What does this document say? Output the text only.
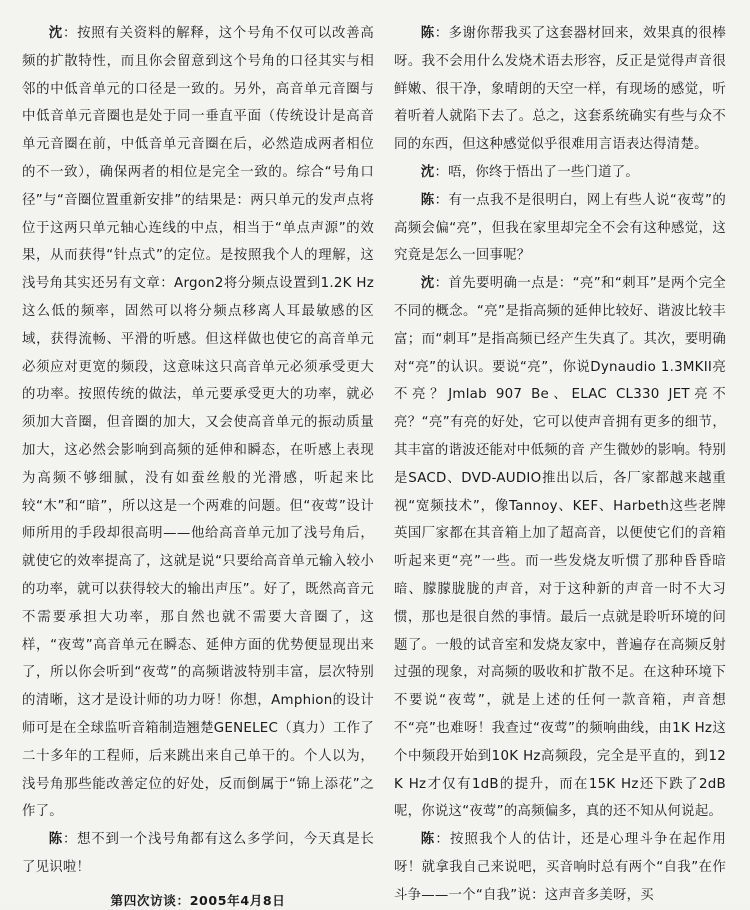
沈：按照有关资料的解释，这个号角不仅可以改善高频的扩散特性，而且你会留意到这个号角的口径其实与相邻的中低音单元的口径是一致的。另外，高音单元音圈与中低音单元音圈也是处于同一垂直平面（传统设计是高音单元音圈在前，中低音单元音圈在后，必然造成两者相位的不一致），确保两者的相位是完全一致的。综合“号角口径”与“音圈位置重新安排”的结果是：两只单元的发声点将位于这两只单元轴心连线的中点，相当于“单点声源”的效果，从而获得“针点式”的定位。是按照我个人的理解，这浅号角其实还另有文章：Argon2将分频点设置到1.2K Hz这么低的频率，固然可以将分频点移离人耳最敏感的区域，获得流畅、平滑的听感。但这样做也使它的高音单元必须应对更宽的频段，这意味这只高音单元必须承受更大的功率。按照传统的做法，单元要承受更大的功率，就必须加大音圈，但音圈的加大，又会使高音单元的振动质量加大，这必然会影响到高频的延伸和瞬态，在听感上表现为高频不够细腻，没有如蚕丝般的光滑感，听起来比较“木”和“暗”，所以这是一个两难的问题。但“夜莺”设计师所用的手段却很高明——他给高音单元加了浅号角后，就使它的效率提高了，这就是说“只要给高音单元输入较小的功率，就可以获得较大的输出声压”。好了，既然高音元不需要承担大功率，那自然也就不需要大音圈了，这样，“夜莺”高音单元在瞬态、延伸方面的优势便显现出来了，所以你会听到“夜莺”的高频谐波特别丰富，层次特别的清晰，这才是设计师的功力呀！你想，Amphion的设计师可是在全球监听音箱制造翘楚GENELEC（真力）工作了二十多年的工程师，后来跳出来自己单干的。个人以为，浅号角那些能改善定位的好处，反而倒属于“锦上添花”之作了。

陈：想不到一个浅号角都有这么多学问，今天真是长了见识啦！

第四次访谈：2005年4月8日

陈：多谢你帮我买了这套器材回来，效果真的很棒呀。我不会用什么发烧术语去形容，反正是觉得声音很鲜嫩、很干净，象晴朗的天空一样，有现场的感觉，听着听着人就陷下去了。总之，这套系统确实有些与众不同的东西，但这种感觉似乎很难用言语表达得清楚。

沈：唔，你终于悟出了一些门道了。

陈：有一点我不是很明白，网上有些人说“夜莺”的高频会偏“亮”，但我在家里却完全不会有这种感觉，这究竟是怎么一回事呢？

沈：首先要明确一点是：“亮”和“刺耳”是两个完全不同的概念。“亮”是指高频的延伸比较好、谐波比较丰富；而“刺耳”是指高频已经产生失真了。其次，要明确对“亮”的认识。要说“亮”，你说Dynaudio 1.3MKII亮不亮？Jmlab 907 Be、ELAC CL330 JET亮不亮？“亮”有亮的好处，它可以使声音拥有更多的细节，其丰富的谐波还能对中低频的音 产生微妙的影响。特别是SACD、DVD-AUDIO推出以后，各厂家都越来越重视“宽频技术”，像Tannoy、KEF、Harbeth这些老牌英国厂家都在其音箱上加了超高音，以便使它们的音箱听起来更“亮”一些。而一些发烧友听惯了那种昏昏暗暗、朦朦胧胧的声音，对于这种新的声音一时不大习惯，那也是很自然的事情。最后一点就是聆听环境的问题了。一般的试音室和发烧友家中，普遍存在高频反射过强的现象，对高频的吸收和扩散不足。在这种环境下不要说“夜莺”，就是上述的任何一款音箱，声音想不“亮”也难呀！我查过“夜莺”的频响曲线，由1K Hz这个中频段开始到10K Hz高频段，完全是平直的，到12K Hz才仅有1dB的提升，而在15K Hz还下跌了2dB呢，你说这“夜莺”的高频偏多，真的还不知从何说起。

陈：按照我个人的估计，还是心理斗争在起作用呀！就拿我自己来说吧，买音响时总有两个“自我”在作斗争——一个“自我”说：这声音多美呀，买
